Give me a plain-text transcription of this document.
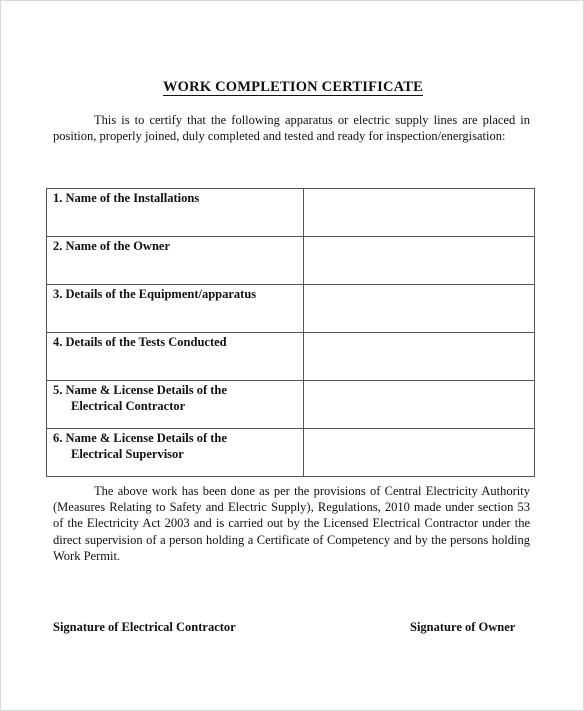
WORK COMPLETION CERTIFICATE
This is to certify that the following apparatus or electric supply lines are placed in position, properly joined, duly completed and tested and ready for inspection/energisation:
1. Name of the Installations	
2. Name of the Owner	
3. Details of the Equipment/apparatus	
4. Details of the Tests Conducted	
5. Name & License Details of the
Electrical Contractor	

6. Name & License Details of the
Electrical Supervisor	

The above work has been done as per the provisions of Central Electricity Authority (Measures Relating to Safety and Electric Supply), Regulations, 2010 made under section 53 of the Electricity Act 2003 and is carried out by the Licensed Electrical Contractor under the direct supervision of a person holding a Certificate of Competency and by the persons holding Work Permit.
Signature of Electrical Contractor	Signature of Owner
